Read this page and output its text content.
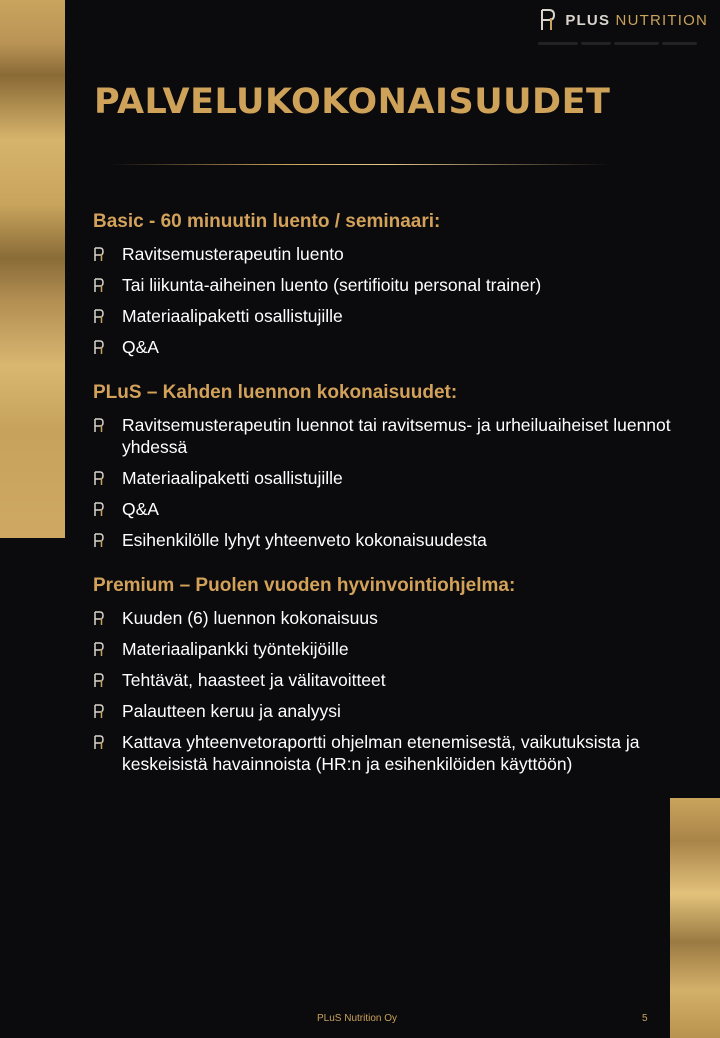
PLUS NUTRITION
PALVELUKOKONAISUUDET
Basic - 60 minuutin luento / seminaari:
Ravitsemusterapeutin luento
Tai liikunta-aiheinen luento (sertifioitu personal trainer)
Materiaalipaketti osallistujille
Q&A
PLuS – Kahden luennon kokonaisuudet:
Ravitsemusterapeutin luennot tai ravitsemus- ja urheiluaiheiset luennot yhdessä
Materiaalipaketti osallistujille
Q&A
Esihenkilölle lyhyt yhteenveto kokonaisuudesta
Premium – Puolen vuoden hyvinvointiohjelma:
Kuuden (6) luennon kokonaisuus
Materiaalipankki työntekijöille
Tehtävät, haasteet ja välitavoitteet
Palautteen keruu ja analyysi
Kattava yhteenvetoraportti ohjelman etenemisestä, vaikutuksista ja keskeisistä havainnoista (HR:n ja esihenkilöiden käyttöön)
PLuS Nutrition Oy	5
